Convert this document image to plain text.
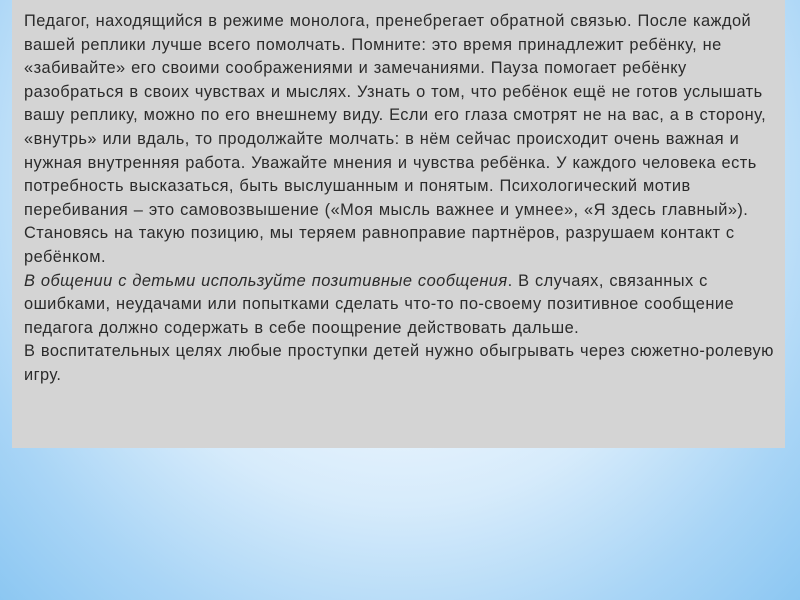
Педагог, находящийся в режиме монолога, пренебрегает обратной связью. После каждой вашей реплики лучше всего помолчать. Помните: это время принадлежит ребёнку, не «забивайте» его своими соображениями и замечаниями. Пауза помогает ребёнку разобраться в своих чувствах и мыслях. Узнать о том, что ребёнок ещё не готов услышать вашу реплику, можно по его внешнему виду. Если его глаза смотрят не на вас, а в сторону, «внутрь» или вдаль, то продолжайте молчать: в нём сейчас происходит очень важная и нужная внутренняя работа. Уважайте мнения и чувства ребёнка. У каждого человека есть потребность высказаться, быть выслушанным и понятым. Психологический мотив перебивания – это самовозвышение («Моя мысль важнее и умнее», «Я здесь главный»). Становясь на такую позицию, мы теряем равноправие партнёров, разрушаем контакт с ребёнком.

В общении с детьми используйте позитивные сообщения. В случаях, связанных с ошибками, неудачами или попытками сделать что-то по-своему позитивное сообщение педагога должно содержать в себе поощрение действовать дальше.

В воспитательных целях любые проступки детей нужно обыгрывать через сюжетно-ролевую игру.
